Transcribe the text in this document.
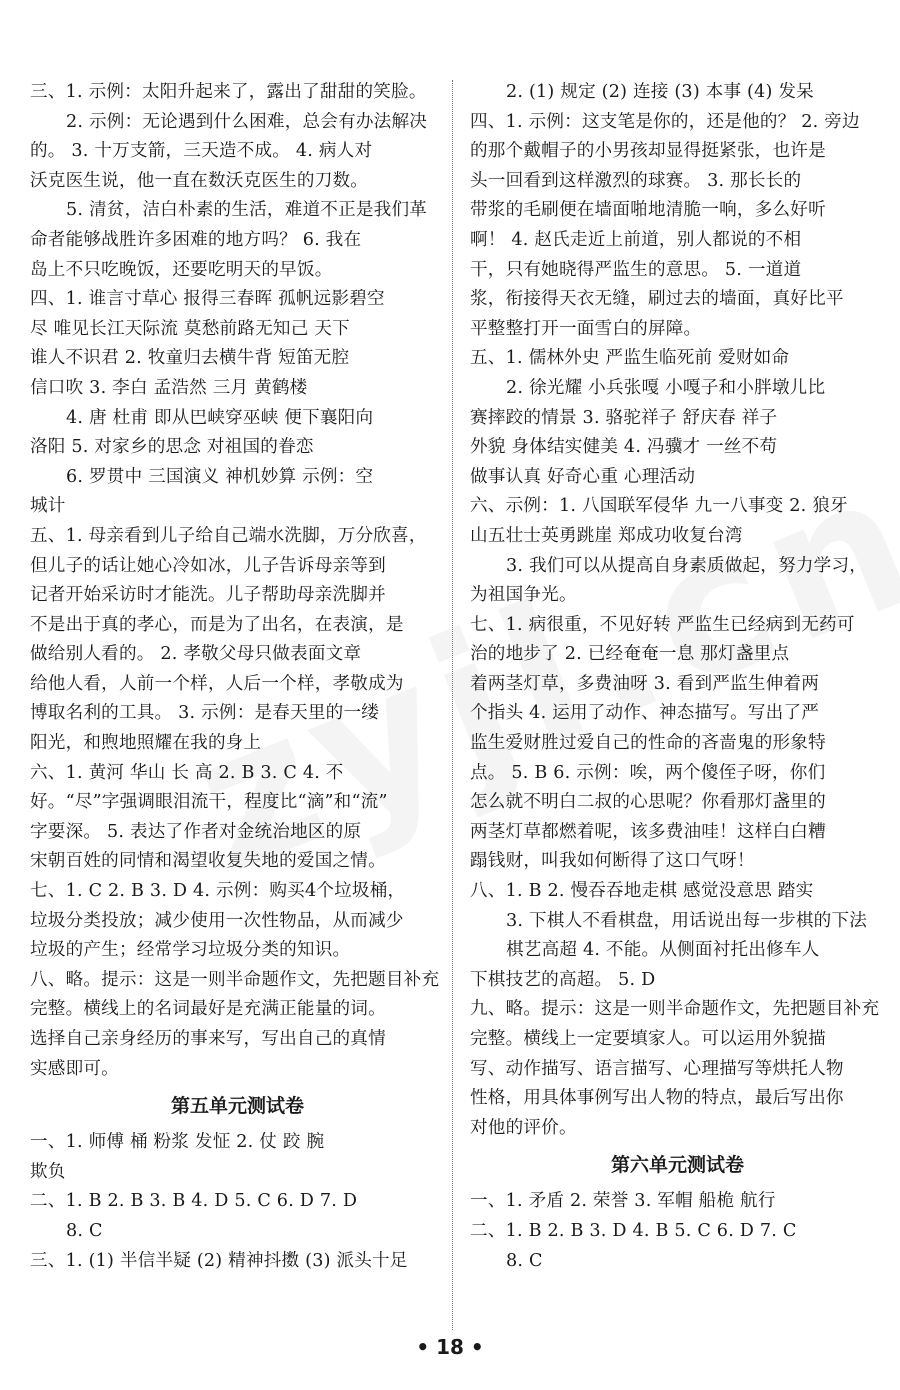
三、1. 示例：太阳升起来了，露出了甜甜的笑脸。
2. 示例：无论遇到什么困难，总会有办法解决
的。 3. 十万支箭，三天造不成。 4. 病人对
沃克医生说，他一直在数沃克医生的刀数。
5. 清贫，洁白朴素的生活，难道不正是我们革
命者能够战胜许多困难的地方吗？ 6. 我在
岛上不只吃晚饭，还要吃明天的早饭。
四、1. 谁言寸草心 报得三春晖 孤帆远影碧空
尽 唯见长江天际流 莫愁前路无知己 天下
谁人不识君 2. 牧童归去横牛背 短笛无腔
信口吹 3. 李白 孟浩然 三月 黄鹤楼
4. 唐 杜甫 即从巴峡穿巫峡 便下襄阳向
洛阳 5. 对家乡的思念 对祖国的眷恋
6. 罗贯中 三国演义 神机妙算 示例：空
城计
五、1. 母亲看到儿子给自己端水洗脚，万分欣喜，
但儿子的话让她心冷如冰，儿子告诉母亲等到
记者开始采访时才能洗。儿子帮助母亲洗脚并
不是出于真的孝心，而是为了出名，在表演，是
做给别人看的。 2. 孝敬父母只做表面文章
给他人看，人前一个样，人后一个样，孝敬成为
博取名利的工具。 3. 示例：是春天里的一缕
阳光，和煦地照耀在我的身上
六、1. 黄河 华山 长 高 2. B 3. C 4. 不
好。“尽”字强调眼泪流干，程度比“滴”和“流”
字要深。 5. 表达了作者对金统治地区的原
宋朝百姓的同情和渴望收复失地的爱国之情。
七、1. C 2. B 3. D 4. 示例：购买4个垃圾桶，
垃圾分类投放；减少使用一次性物品，从而减少
垃圾的产生；经常学习垃圾分类的知识。
八、略。提示：这是一则半命题作文，先把题目补充
完整。横线上的名词最好是充满正能量的词。
选择自己亲身经历的事来写，写出自己的真情
实感即可。
第五单元测试卷
一、1. 师傅 桶 粉浆 发怔 2. 仗 跤 腕
欺负
二、1. B 2. B 3. B 4. D 5. C 6. D 7. D
8. C
三、1. (1) 半信半疑 (2) 精神抖擞 (3) 派头十足
2. (1) 规定 (2) 连接 (3) 本事 (4) 发呆
四、1. 示例：这支笔是你的，还是他的？ 2. 旁边
的那个戴帽子的小男孩却显得挺紧张，也许是
头一回看到这样激烈的球赛。 3. 那长长的
带浆的毛刷便在墙面啪地清脆一响，多么好听
啊！ 4. 赵氏走近上前道，别人都说的不相
干，只有她晓得严监生的意思。 5. 一道道
浆，衔接得天衣无缝，刷过去的墙面，真好比平
平整整打开一面雪白的屏障。
五、1. 儒林外史 严监生临死前 爱财如命
2. 徐光耀 小兵张嘎 小嘎子和小胖墩儿比
赛摔跤的情景 3. 骆驼祥子 舒庆春 祥子
外貌 身体结实健美 4. 冯骥才 一丝不苟
做事认真 好奇心重 心理活动
六、示例：1. 八国联军侵华 九一八事变 2. 狼牙
山五壮士英勇跳崖 郑成功收复台湾
3. 我们可以从提高自身素质做起，努力学习，
为祖国争光。
七、1. 病很重，不见好转 严监生已经病到无药可
治的地步了 2. 已经奄奄一息 那灯盏里点
着两茎灯草，多费油呀 3. 看到严监生伸着两
个指头 4. 运用了动作、神态描写。写出了严
监生爱财胜过爱自己的性命的吝啬鬼的形象特
点。 5. B 6. 示例：唉，两个傻侄子呀，你们
怎么就不明白二叔的心思呢？你看那灯盏里的
两茎灯草都燃着呢，该多费油哇！这样白白糟
蹋钱财，叫我如何断得了这口气呀！
八、1. B 2. 慢吞吞地走棋 感觉没意思 踏实
3. 下棋人不看棋盘，用话说出每一步棋的下法
棋艺高超 4. 不能。从侧面衬托出修车人
下棋技艺的高超。 5. D
九、略。提示：这是一则半命题作文，先把题目补充
完整。横线上一定要填家人。可以运用外貌描
写、动作描写、语言描写、心理描写等烘托人物
性格，用具体事例写出人物的特点，最后写出你
对他的评价。
第六单元测试卷
一、1. 矛盾 2. 荣誉 3. 军帽 船桅 航行
二、1. B 2. B 3. D 4. B 5. C 6. D 7. C
8. C
• 18 •
